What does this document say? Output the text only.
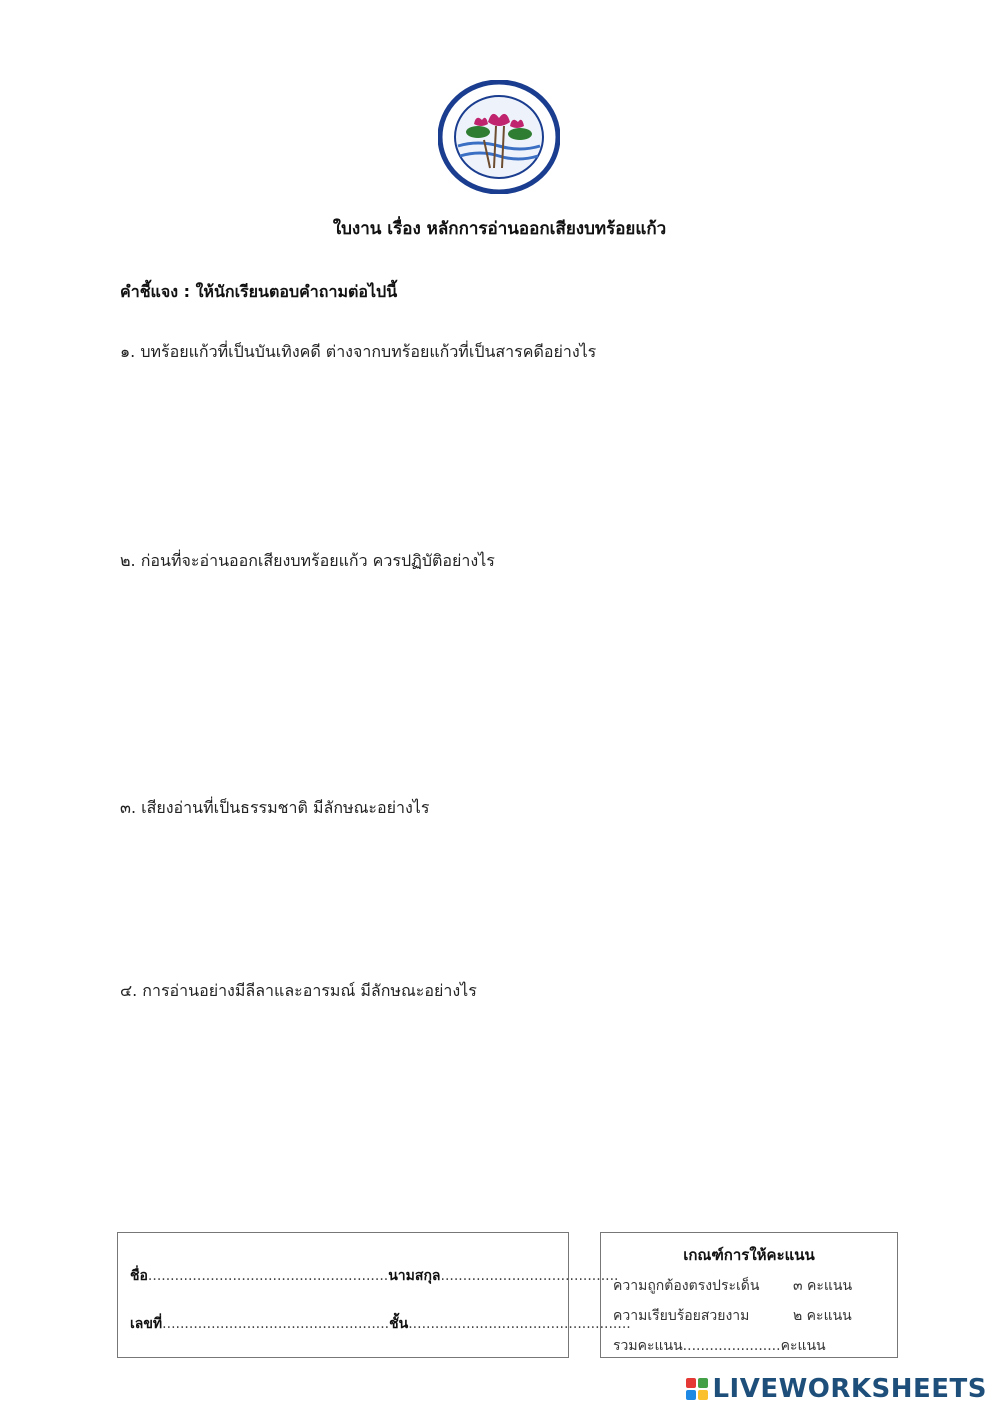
ใบงาน เรื่อง หลักการอ่านออกเสียงบทร้อยแก้ว
คำชี้แจง : ให้นักเรียนตอบคำถามต่อไปนี้
๑. บทร้อยแก้วที่เป็นบันเทิงคดี ต่างจากบทร้อยแก้วที่เป็นสารคดีอย่างไร
๒. ก่อนที่จะอ่านออกเสียงบทร้อยแก้ว ควรปฏิบัติอย่างไร
๓. เสียงอ่านที่เป็นธรรมชาติ มีลักษณะอย่างไร
๔. การอ่านอย่างมีลีลาและอารมณ์ มีลักษณะอย่างไร
ชื่อ......................................................นามสกุล........................................
เลขที่...................................................ชั้น..................................................
เกณฑ์การให้คะแนน
ความถูกต้องตรงประเด็น ๓ คะแนน
ความเรียบร้อยสวยงาม	๒ คะแนน
รวมคะแนน......................คะแนน
LIVEWORKSHEETS
